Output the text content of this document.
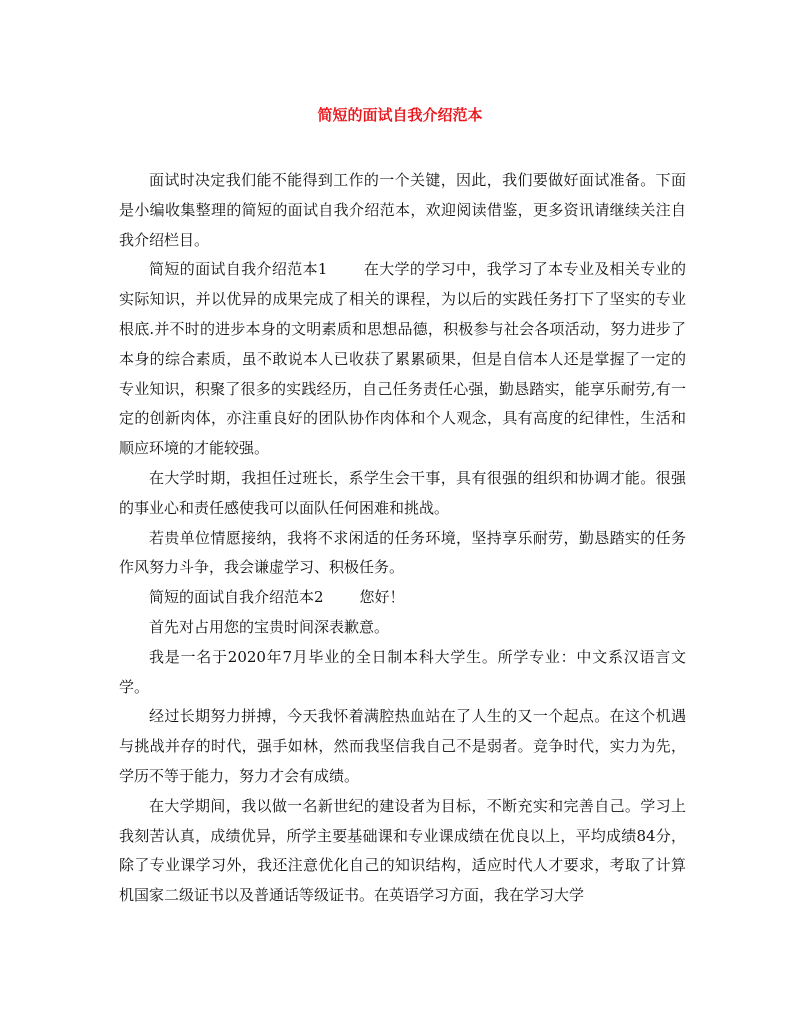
简短的面试自我介绍范本

面试时决定我们能不能得到工作的一个关键，因此，我们要做好面试准备。下面是小编收集整理的简短的面试自我介绍范本，欢迎阅读借鉴，更多资讯请继续关注自我介绍栏目。

简短的面试自我介绍范本1 在大学的学习中，我学习了本专业及相关专业的实际知识，并以优异的成果完成了相关的课程，为以后的实践任务打下了坚实的专业根底.并不时的进步本身的文明素质和思想品德，积极参与社会各项活动，努力进步了本身的综合素质，虽不敢说本人已收获了累累硕果，但是自信本人还是掌握了一定的专业知识，积聚了很多的实践经历，自己任务责任心强，勤恳踏实，能享乐耐劳,有一定的创新肉体，亦注重良好的团队协作肉体和个人观念，具有高度的纪律性，生活和顺应环境的才能较强。

在大学时期，我担任过班长，系学生会干事，具有很强的组织和协调才能。很强的事业心和责任感使我可以面队任何困难和挑战。

若贵单位情愿接纳，我将不求闲适的任务环境，坚持享乐耐劳，勤恳踏实的任务作风努力斗争，我会谦虚学习、积极任务。

简短的面试自我介绍范本2 您好！

首先对占用您的宝贵时间深表歉意。

我是一名于2020年7月毕业的全日制本科大学生。所学专业：中文系汉语言文学。

经过长期努力拼搏，今天我怀着满腔热血站在了人生的又一个起点。在这个机遇与挑战并存的时代，强手如林，然而我坚信我自己不是弱者。竞争时代，实力为先，学历不等于能力，努力才会有成绩。

在大学期间，我以做一名新世纪的建设者为目标，不断充实和完善自己。学习上我刻苦认真，成绩优异，所学主要基础课和专业课成绩在优良以上，平均成绩84分，除了专业课学习外，我还注意优化自己的知识结构，适应时代人才要求，考取了计算机国家二级证书以及普通话等级证书。在英语学习方面，我在学习大学
